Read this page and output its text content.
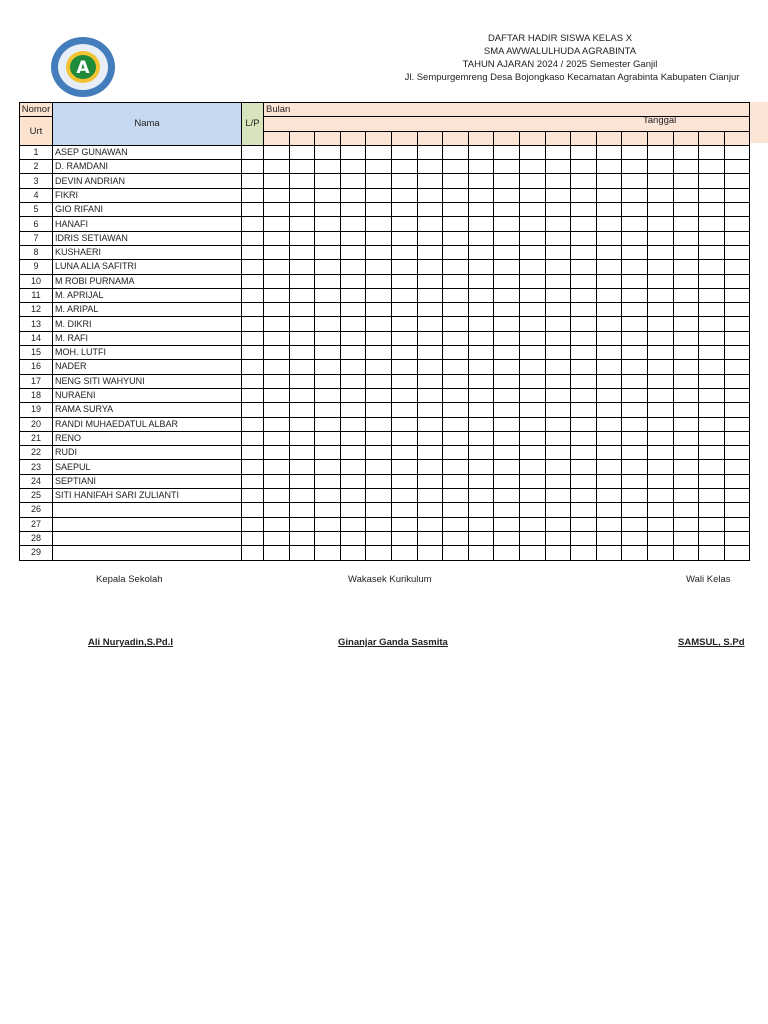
A
DAFTAR HADIR SISWA KELAS X
SMA AWWALULHUDA AGRABINTA
TAHUN AJARAN 2024 / 2025 Semester Ganjil
Jl. Sempurgemreng Desa Bojongkaso Kecamatan Agrabinta Kabupaten Cianjur
Nomor	Nama	L/P	Bulan																		
Urt																					

1	ASEP GUNAWAN																				
2	D. RAMDANI																				
3	DEVIN ANDRIAN																				
4	FIKRI																				
5	GIO RIFANI																				
6	HANAFI																				
7	IDRIS SETIAWAN																				
8	KUSHAERI																				
9	LUNA ALIA SAFITRI																				
10	M ROBI PURNAMA																				
11	M. APRIJAL																				
12	M. ARIPAL																				
13	M. DIKRI																				
14	M. RAFI																				
15	MOH. LUTFI																				
16	NADER																				
17	NENG SITI WAHYUNI																				
18	NURAENI																				
19	RAMA SURYA																				
20	RANDI MUHAEDATUL ALBAR																				
21	RENO																				
22	RUDI																				
23	SAEPUL																				
24	SEPTIANI																				
25	SITI HANIFAH SARI ZULIANTI																				
26																					
27																					
28																					
29																					
Tanggal
Kepala Sekolah	Wakasek Kurikulum	Wali Kelas
Ali Nuryadin,S.Pd.I	Ginanjar Ganda Sasmita	SAMSUL, S.Pd
